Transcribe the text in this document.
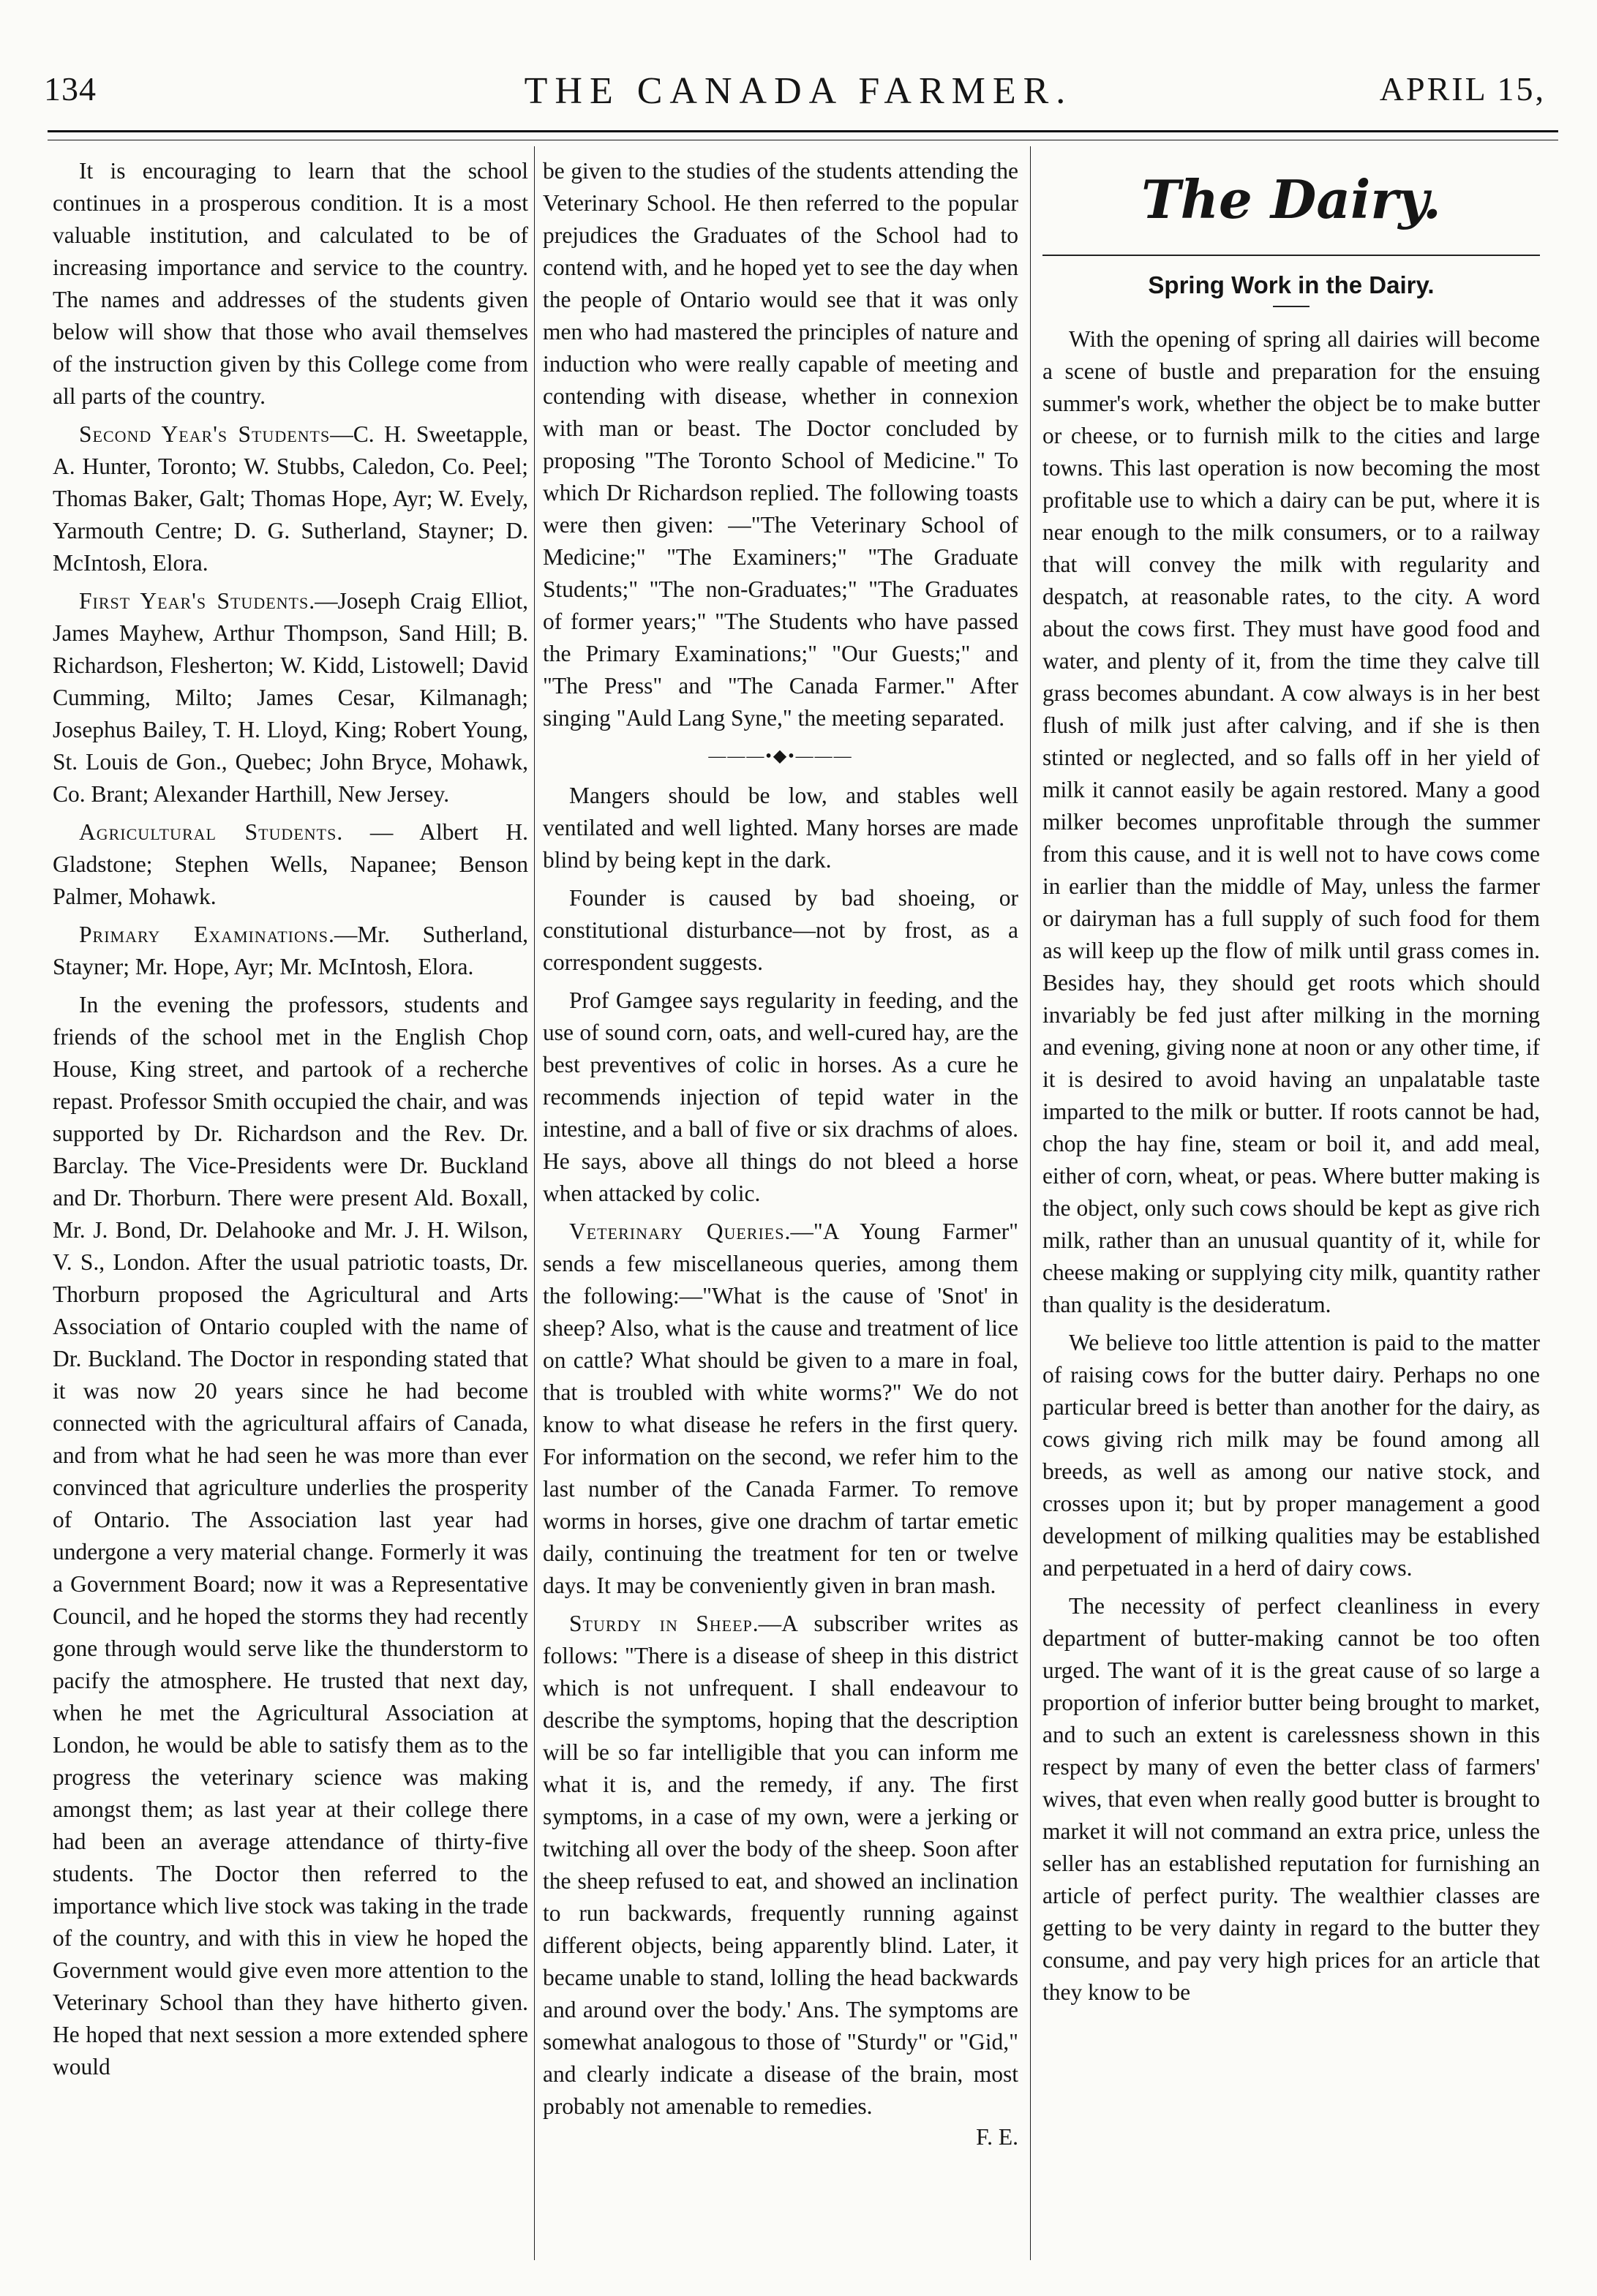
134	THE CANADA FARMER.	APRIL 15,

It is encouraging to learn that the school continues in a prosperous condition. It is a most valuable institution, and calculated to be of increasing importance and service to the country. The names and addresses of the students given below will show that those who avail themselves of the instruction given by this College come from all parts of the country.

Second Year's Students—C. H. Sweetapple, A. Hunter, Toronto; W. Stubbs, Caledon, Co. Peel; Thomas Baker, Galt; Thomas Hope, Ayr; W. Evely, Yarmouth Centre; D. G. Sutherland, Stayner; D. McIntosh, Elora.

First Year's Students.—Joseph Craig Elliot, James Mayhew, Arthur Thompson, Sand Hill; B. Richardson, Flesherton; W. Kidd, Listowell; David Cumming, Milto; James Cesar, Kilmanagh; Josephus Bailey, T. H. Lloyd, King; Robert Young, St. Louis de Gon., Quebec; John Bryce, Mohawk, Co. Brant; Alexander Harthill, New Jersey.

Agricultural Students. — Albert H. Gladstone; Stephen Wells, Napanee; Benson Palmer, Mohawk.

Primary Examinations.—Mr. Sutherland, Stayner; Mr. Hope, Ayr; Mr. McIntosh, Elora.

In the evening the professors, students and friends of the school met in the English Chop House, King street, and partook of a recherche repast. Professor Smith occupied the chair, and was supported by Dr. Richardson and the Rev. Dr. Barclay. The Vice-Presidents were Dr. Buckland and Dr. Thorburn. There were present Ald. Boxall, Mr. J. Bond, Dr. Delahooke and Mr. J. H. Wilson, V. S., London. After the usual patriotic toasts, Dr. Thorburn proposed the Agricultural and Arts Association of Ontario coupled with the name of Dr. Buckland. The Doctor in responding stated that it was now 20 years since he had become connected with the agricultural affairs of Canada, and from what he had seen he was more than ever convinced that agriculture underlies the prosperity of Ontario. The Association last year had undergone a very material change. Formerly it was a Government Board; now it was a Representative Council, and he hoped the storms they had recently gone through would serve like the thunderstorm to pacify the atmosphere. He trusted that next day, when he met the Agricultural Association at London, he would be able to satisfy them as to the progress the veterinary science was making amongst them; as last year at their college there had been an average attendance of thirty-five students. The Doctor then referred to the importance which live stock was taking in the trade of the country, and with this in view he hoped the Government would give even more attention to the Veterinary School than they have hitherto given. He hoped that next session a more extended sphere would

be given to the studies of the students attending the Veterinary School. He then referred to the popular prejudices the Graduates of the School had to contend with, and he hoped yet to see the day when the people of Ontario would see that it was only men who had mastered the principles of nature and induction who were really capable of meeting and contending with disease, whether in connexion with man or beast. The Doctor concluded by proposing "The Toronto School of Medicine." To which Dr Richardson replied. The following toasts were then given: —"The Veterinary School of Medicine;" "The Examiners;" "The Graduate Students;" "The non-Graduates;" "The Graduates of former years;" "The Students who have passed the Primary Examinations;" "Our Guests;" and "The Press" and "The Canada Farmer." After singing "Auld Lang Syne," the meeting separated.

———•◆•———

Mangers should be low, and stables well ventilated and well lighted. Many horses are made blind by being kept in the dark.

Founder is caused by bad shoeing, or constitutional disturbance—not by frost, as a correspondent suggests.

Prof Gamgee says regularity in feeding, and the use of sound corn, oats, and well-cured hay, are the best preventives of colic in horses. As a cure he recommends injection of tepid water in the intestine, and a ball of five or six drachms of aloes. He says, above all things do not bleed a horse when attacked by colic.

Veterinary Queries.—"A Young Farmer" sends a few miscellaneous queries, among them the following:—"What is the cause of 'Snot' in sheep? Also, what is the cause and treatment of lice on cattle? What should be given to a mare in foal, that is troubled with white worms?" We do not know to what disease he refers in the first query. For information on the second, we refer him to the last number of the Canada Farmer. To remove worms in horses, give one drachm of tartar emetic daily, continuing the treatment for ten or twelve days. It may be conveniently given in bran mash.

Sturdy in Sheep.—A subscriber writes as follows: "There is a disease of sheep in this district which is not unfrequent. I shall endeavour to describe the symptoms, hoping that the description will be so far intelligible that you can inform me what it is, and the remedy, if any. The first symptoms, in a case of my own, were a jerking or twitching all over the body of the sheep. Soon after the sheep refused to eat, and showed an inclination to run backwards, frequently running against different objects, being apparently blind. Later, it became unable to stand, lolling the head backwards and around over the body.' Ans. The symptoms are somewhat analogous to those of "Sturdy" or "Gid," and clearly indicate a disease of the brain, most probably not amenable to remedies.

F. E.
The Dairy.
Spring Work in the Dairy.

With the opening of spring all dairies will become a scene of bustle and preparation for the ensuing summer's work, whether the object be to make butter or cheese, or to furnish milk to the cities and large towns. This last operation is now becoming the most profitable use to which a dairy can be put, where it is near enough to the milk consumers, or to a railway that will convey the milk with regularity and despatch, at reasonable rates, to the city. A word about the cows first. They must have good food and water, and plenty of it, from the time they calve till grass becomes abundant. A cow always is in her best flush of milk just after calving, and if she is then stinted or neglected, and so falls off in her yield of milk it cannot easily be again restored. Many a good milker becomes unprofitable through the summer from this cause, and it is well not to have cows come in earlier than the middle of May, unless the farmer or dairyman has a full supply of such food for them as will keep up the flow of milk until grass comes in. Besides hay, they should get roots which should invariably be fed just after milking in the morning and evening, giving none at noon or any other time, if it is desired to avoid having an unpalatable taste imparted to the milk or butter. If roots cannot be had, chop the hay fine, steam or boil it, and add meal, either of corn, wheat, or peas. Where butter making is the object, only such cows should be kept as give rich milk, rather than an unusual quantity of it, while for cheese making or supplying city milk, quantity rather than quality is the desideratum.

We believe too little attention is paid to the matter of raising cows for the butter dairy. Perhaps no one particular breed is better than another for the dairy, as cows giving rich milk may be found among all breeds, as well as among our native stock, and crosses upon it; but by proper management a good development of milking qualities may be established and perpetuated in a herd of dairy cows.

The necessity of perfect cleanliness in every department of butter-making cannot be too often urged. The want of it is the great cause of so large a proportion of inferior butter being brought to market, and to such an extent is carelessness shown in this respect by many of even the better class of farmers' wives, that even when really good butter is brought to market it will not command an extra price, unless the seller has an established reputation for furnishing an article of perfect purity. The wealthier classes are getting to be very dainty in regard to the butter they consume, and pay very high prices for an article that they know to be
